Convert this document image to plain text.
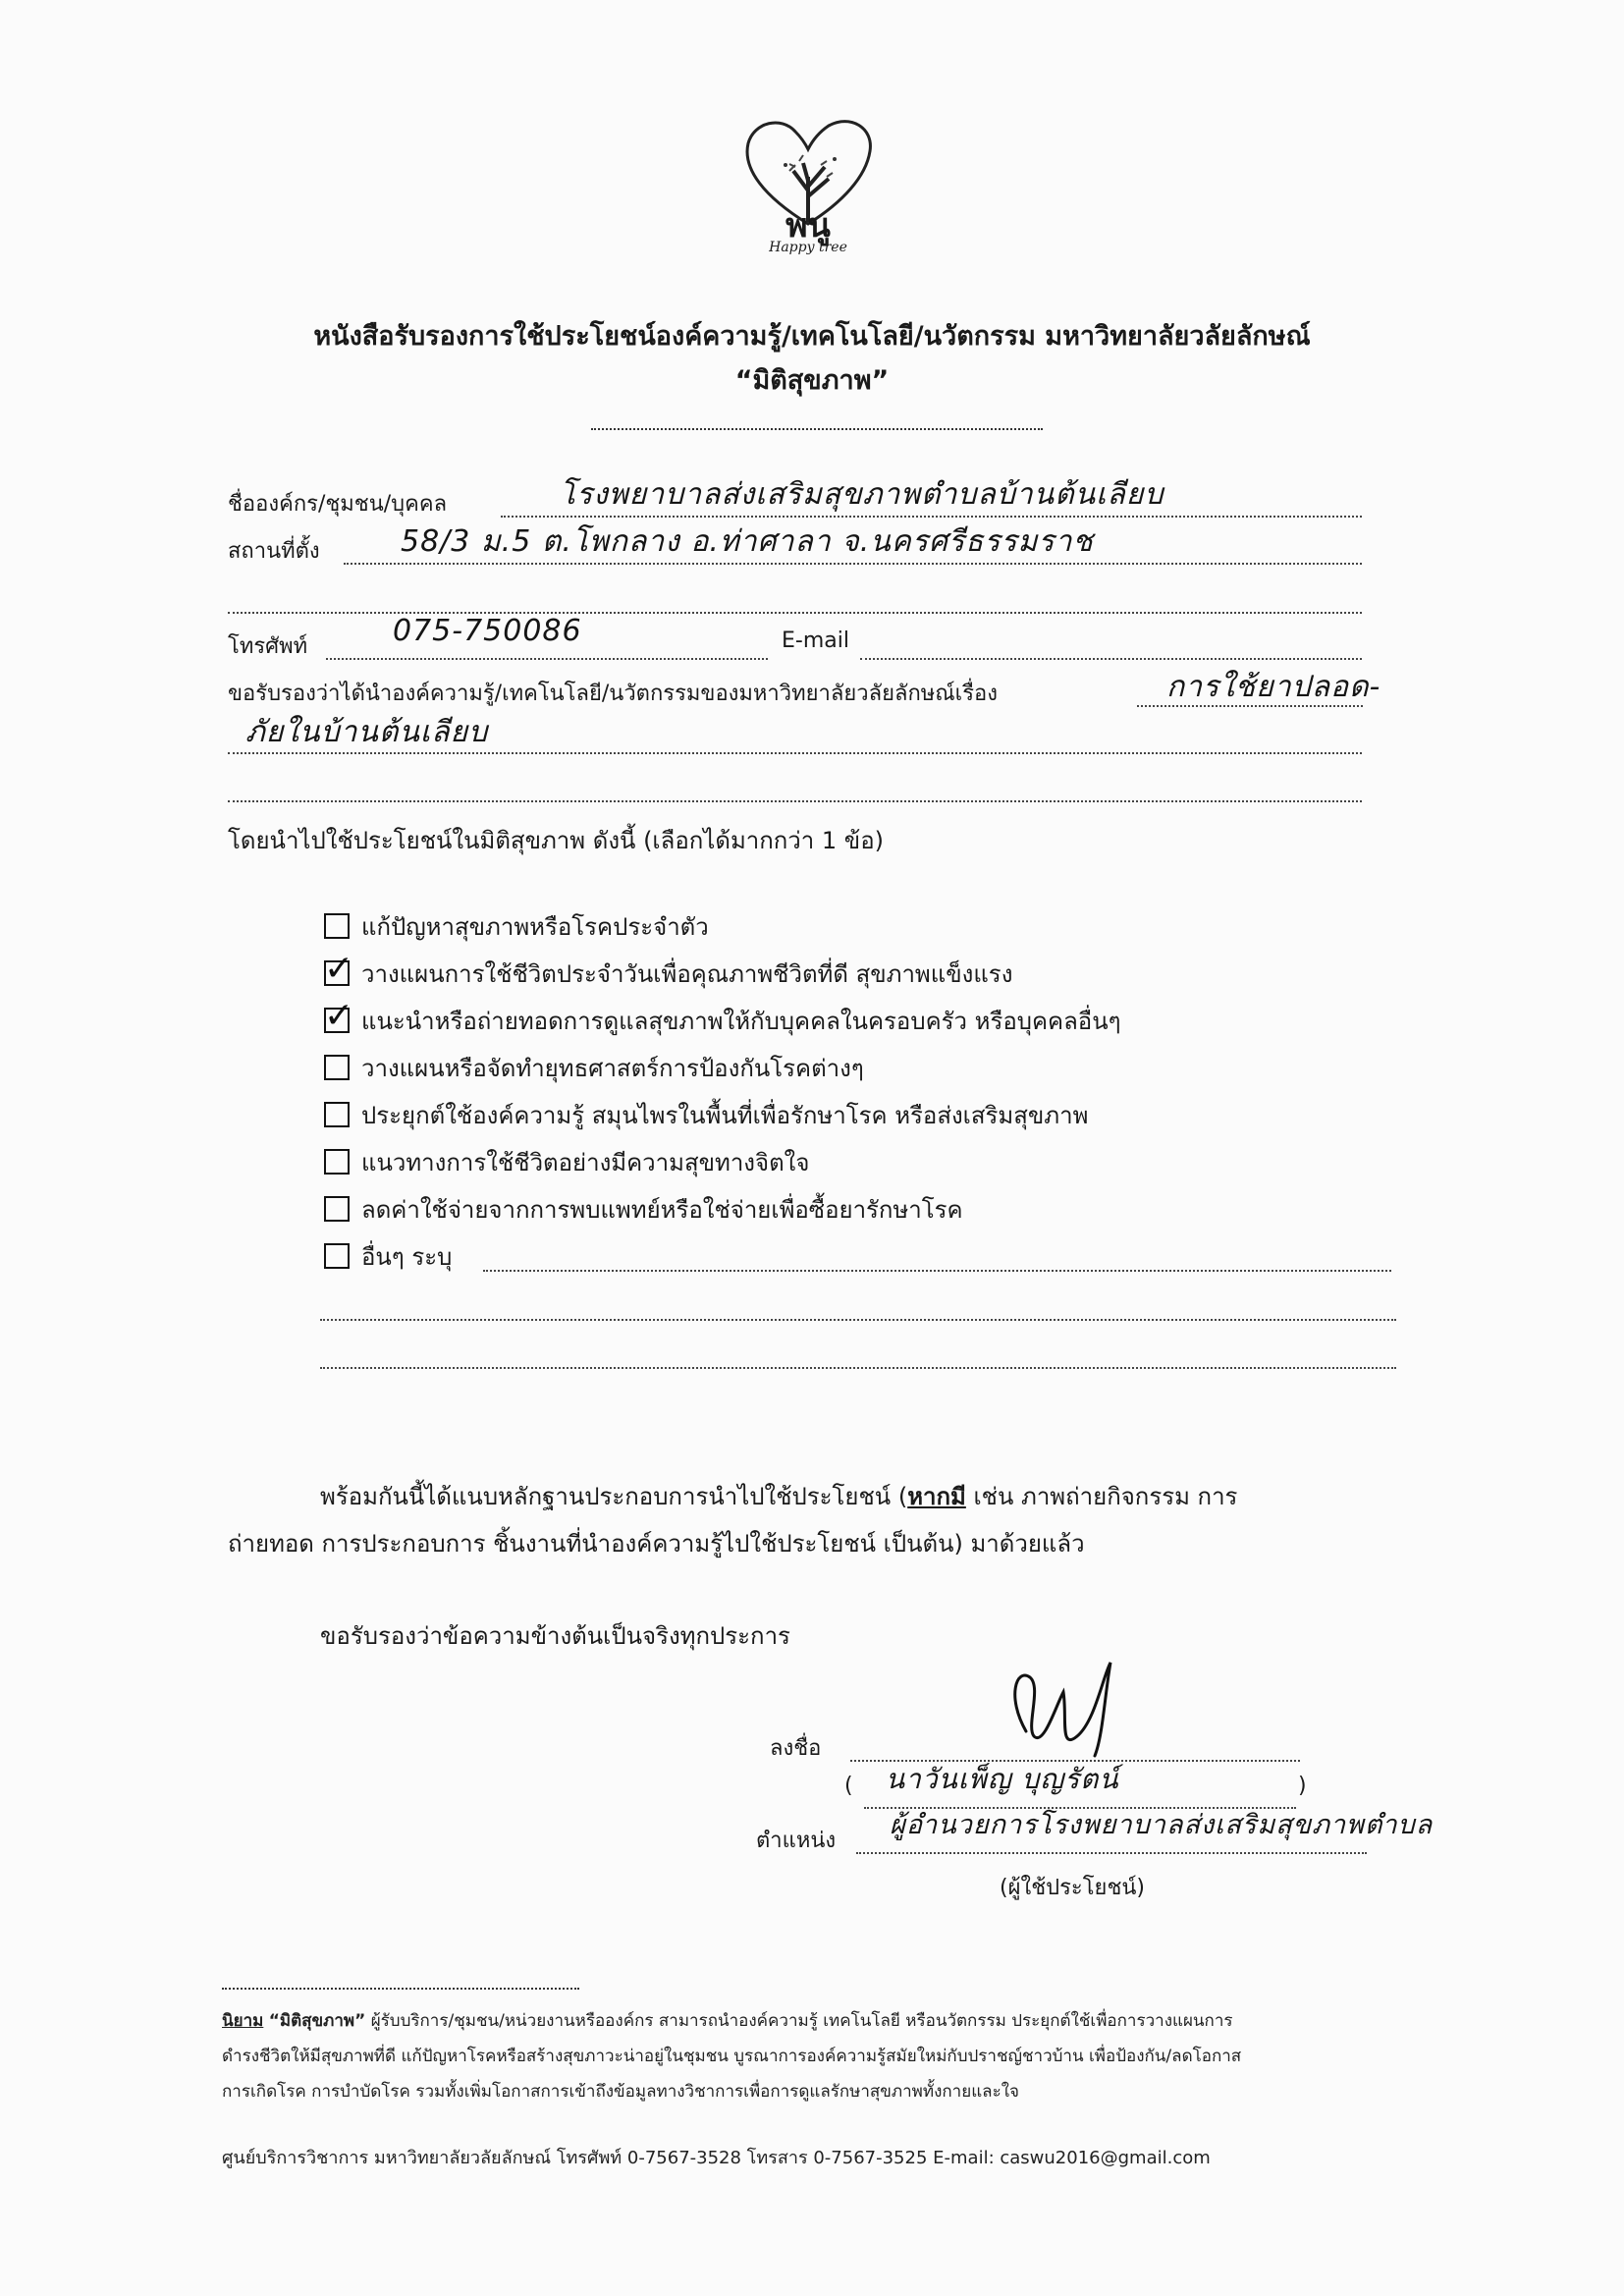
พนู
Happy tree
หนังสือรับรองการใช้ประโยชน์องค์ความรู้/เทคโนโลยี/นวัตกรรม มหาวิทยาลัยวลัยลักษณ์
“มิติสุขภาพ”
ชื่อองค์กร/ชุมชน/บุคคล	โรงพยาบาลส่งเสริมสุขภาพตำบลบ้านต้นเลียบ
สถานที่ตั้ง	58/3 ม.5 ต.โพกลาง อ.ท่าศาลา จ.นครศรีธรรมราช
โทรศัพท์	075-750086	E-mail
ขอรับรองว่าได้นำองค์ความรู้/เทคโนโลยี/นวัตกรรมของมหาวิทยาลัยวลัยลักษณ์เรื่อง	การใช้ยาปลอด-
ภัยในบ้านต้นเลียบ
โดยนำไปใช้ประโยชน์ในมิติสุขภาพ ดังนี้ (เลือกได้มากกว่า 1 ข้อ)
แก้ปัญหาสุขภาพหรือโรคประจำตัว
✓ วางแผนการใช้ชีวิตประจำวันเพื่อคุณภาพชีวิตที่ดี สุขภาพแข็งแรง
✓ แนะนำหรือถ่ายทอดการดูแลสุขภาพให้กับบุคคลในครอบครัว หรือบุคคลอื่นๆ
วางแผนหรือจัดทำยุทธศาสตร์การป้องกันโรคต่างๆ
ประยุกต์ใช้องค์ความรู้ สมุนไพรในพื้นที่เพื่อรักษาโรค หรือส่งเสริมสุขภาพ
แนวทางการใช้ชีวิตอย่างมีความสุขทางจิตใจ
ลดค่าใช้จ่ายจากการพบแพทย์หรือใช่จ่ายเพื่อซื้อยารักษาโรค
อื่นๆ ระบุ
พร้อมกันนี้ได้แนบหลักฐานประกอบการนำไปใช้ประโยชน์ (หากมี เช่น ภาพถ่ายกิจกรรม การ
ถ่ายทอด การประกอบการ ชิ้นงานที่นำองค์ความรู้ไปใช้ประโยชน์ เป็นต้น) มาด้วยแล้ว
ขอรับรองว่าข้อความข้างต้นเป็นจริงทุกประการ
ลงชื่อ
( นาวันเพ็ญ บุญรัตน์	)
ตำแหน่ง
ผู้อำนวยการโรงพยาบาลส่งเสริมสุขภาพตำบล
(ผู้ใช้ประโยชน์)
นิยาม “มิติสุขภาพ” ผู้รับบริการ/ชุมชน/หน่วยงานหรือองค์กร สามารถนำองค์ความรู้ เทคโนโลยี หรือนวัตกรรม ประยุกต์ใช้เพื่อการวางแผนการ
ดำรงชีวิตให้มีสุขภาพที่ดี แก้ปัญหาโรคหรือสร้างสุขภาวะน่าอยู่ในชุมชน บูรณาการองค์ความรู้สมัยใหม่กับปราชญ์ชาวบ้าน เพื่อป้องกัน/ลดโอกาส
การเกิดโรค การบำบัดโรค รวมทั้งเพิ่มโอกาสการเข้าถึงข้อมูลทางวิชาการเพื่อการดูแลรักษาสุขภาพทั้งกายและใจ
ศูนย์บริการวิชาการ มหาวิทยาลัยวลัยลักษณ์ โทรศัพท์ 0-7567-3528 โทรสาร 0-7567-3525 E-mail: caswu2016@gmail.com
